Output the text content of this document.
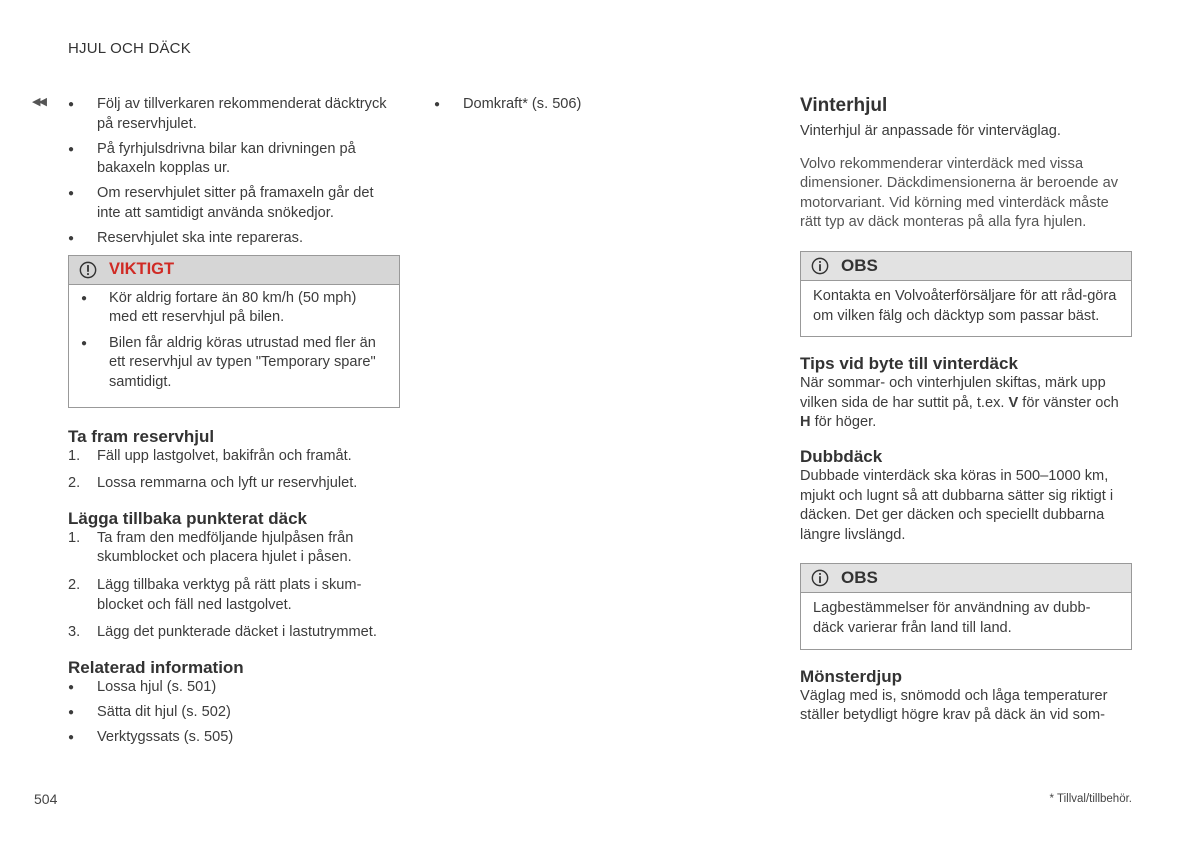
HJUL OCH DÄCK
◀◀
●	Följ av tillverkaren rekommenderat däcktryck på reservhjulet.
● På fyrhjulsdrivna bilar kan drivningen på bakaxeln kopplas ur.
● Om reservhjulet sitter på framaxeln går det inte att samtidigt använda snökedjor.
● Reservhjulet ska inte repareras.
VIKTIGT
● Kör aldrig fortare än 80 km/h (50 mph) med ett reservhjul på bilen.
● Bilen får aldrig köras utrustad med fler än ett reservhjul av typen "Temporary spare" samtidigt.
Ta fram reservhjul
1. Fäll upp lastgolvet, bakifrån och framåt.
2. Lossa remmarna och lyft ur reservhjulet.
Lägga tillbaka punkterat däck
1. Ta fram den medföljande hjulpåsen från skumblocket och placera hjulet i påsen.
2. Lägg tillbaka verktyg på rätt plats i skum-blocket och fäll ned lastgolvet.
3. Lägg det punkterade däcket i lastutrymmet.
Relaterad information
● Lossa hjul (s. 501)
● Sätta dit hjul (s. 502)
● Verktygssats (s. 505)
● Domkraft* (s. 506)	Vinterhjul

Vinterhjul är anpassade för vinterväglag.

Volvo rekommenderar vinterdäck med vissa dimensioner. Däckdimensionerna är beroende av motorvariant. Vid körning med vinterdäck måste rätt typ av däck monteras på alla fyra hjulen.

OBS
Kontakta en Volvoåterförsäljare för att råd-göra om vilken fälg och däcktyp som passar bäst.
Tips vid byte till vinterdäck

När sommar- och vinterhjulen skiftas, märk upp vilken sida de har suttit på, t.ex. V för vänster och H för höger.

Dubbdäck

Dubbade vinterdäck ska köras in 500–1000 km, mjukt och lugnt så att dubbarna sätter sig riktigt i däcken. Det ger däcken och speciellt dubbarna längre livslängd.

OBS
Lagbestämmelser för användning av dubb-däck varierar från land till land.
Mönsterdjup

Väglag med is, snömodd och låga temperaturer ställer betydligt högre krav på däck än vid som-

504	* Tillval/tillbehör.
